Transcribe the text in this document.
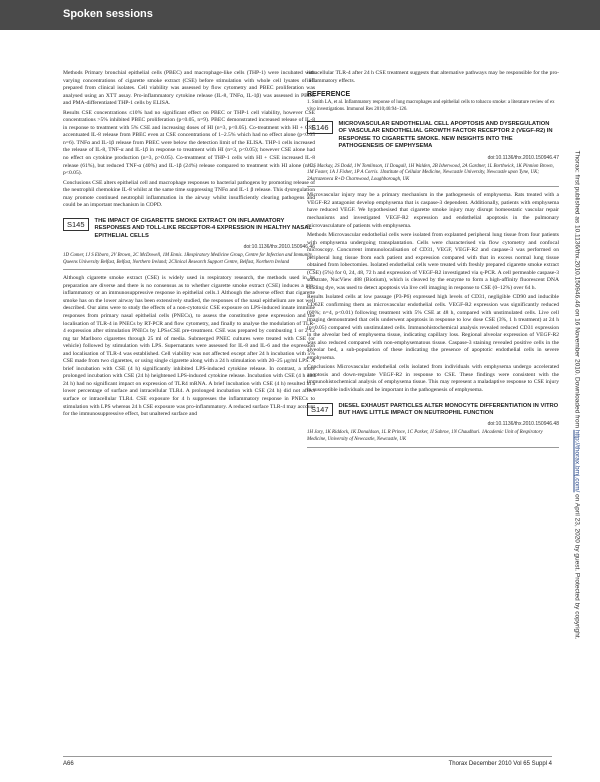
Spoken sessions

Methods Primary bronchial epithelial cells (PBEC) and macrophage-like cells (THP-1) were incubated with varying concentrations of cigarette smoke extract (CSE) before stimulation with whole cell lysates of HI prepared from clinical isolates. Cell viability was assessed by flow cytometry and PBEC proliferation was analysed using an XTT assay. Pro-inflammatory cytokine release (IL-8, TNFα, IL-1β) was assessed in PBEC and PMA-differentiated THP-1 cells by ELISA.

Results CSE concentrations ≤10% had no significant effect on PBEC or THP-1 cell viability, however CSE concentrations >5% inhibited PBEC proliferation (p<0.05, n=9). PBEC demonstrated increased release of IL-8 in response to treatment with 5% CSE and increasing doses of HI (n=3, p<0.05). Co-treatment with HI + CSE accentuated IL-8 release from PBEC even at CSE concentrations of 1–2.5% which had no effect alone (p<0.05 n=6). TNFα and IL-1β release from PBEC were below the detection limit of the ELISA. THP-1 cells increased the release of IL-8, TNF-α and IL-1β in response to treatment with HI (n=3, p<0.05); however CSE alone had no effect on cytokine production (n=3, p>0.05). Co-treatment of THP-1 cells with HI + CSE increased IL-8 release (61%), but reduced TNF-α (40%) and IL-1β (24%) release compared to treatment with HI alone (n=3, p<0.05).

Conclusions CSE alters epithelial cell and macrophage responses to bacterial pathogens by promoting release of the neutrophil chemokine IL-8 whilst at the same time suppressing TNFα and IL-1 β release. This dysregulation may promote continued neutrophil inflammation in the airway whilst insufficiently clearing pathogens and could be an important mechanism in COPD.

S145	THE IMPACT OF CIGARETTE SMOKE EXTRACT ON INFLAMMATORY RESPONSES AND TOLL-LIKE RECEPTOR-4 EXPRESSION IN HEALTHY NASAL EPITHELIAL CELLS
doi:10.1136/thx.2010.150946.46
1D Comer, 1J S Elborn, 2V Brown, 2C McDowell, 1M Ennis. 1Respiratory Medicine Group, Centre for Infection and Immunity, Queens University Belfast, Belfast, Northern Ireland; 2Clinical Research Support Centre, Belfast, Northern Ireland

Although cigarette smoke extract (CSE) is widely used in respiratory research, the methods used in its preparation are diverse and there is no consensus as to whether cigarette smoke extract (CSE) induces a pro-inflammatory or an immunosuppressive response in epithelial cells.1 Although the adverse effect that cigarette smoke has on the lower airway has been extensively studied, the responses of the nasal epithelium are not well described. Our aims were to study the effects of a non-cytotoxic CSE exposure on LPS-induced innate immune responses from primary nasal epithelial cells (PNECs), to assess the constitutive gene expression and the localisation of TLR-4 in PNECs by RT-PCR and flow cytometry, and finally to analyse the modulation of TLR-4 expression after stimulation PNECs by LPS±CSE pre-treatment. CSE was prepared by combusting 1 or 2 12 mg tar Marlboro cigarettes through 25 ml of media. Submerged PNEC cultures were treated with CSE (or vehicle) followed by stimulation with LPS. Supernatants were assessed for IL-8 and IL-6 and the expression and localisation of TLR-4 was established. Cell viability was not affected except after 24 h incubation with 5% CSE made from two cigarettes, or using single cigarette along with a 24 h stimulation with 20–25 μg/ml LPS. A brief incubation with CSE (4 h) significantly inhibited LPS-induced cytokine release. In contrast, a more prolonged incubation with CSE (24 h) heightened LPS-induced cytokine release. Incubation with CSE (4 h and 24 h) had no significant impact on expression of TLR4 mRNA. A brief incubation with CSE (4 h) resulted in a lower percentage of surface and intracellular TLR4. A prolonged incubation with CSE (24 h) did not affect surface or intracellular TLR4. CSE exposure for 4 h suppresses the inflammatory response in PNECs to stimulation with LPS whereas 24 h CSE exposure was pro-inflammatory. A reduced surface TLR-4 may account for the immunosuppressive effect, but unaltered surface and

intracellular TLR-4 after 24 h CSE treatment suggests that alternative pathways may be responsible for the pro-inflammatory effects.

REFERENCE
1. Smith LA, et al. Inflammatory response of lung macrophages and epithelial cells to tobacco smoke: a literature review of ex vivo investigations. Immunol Res 2010;46:94–126.
S146	MICROVASCULAR ENDOTHELIAL CELL APOPTOSIS AND DYSREGULATION OF VASCULAR ENDOTHELIAL GROWTH FACTOR RECEPTOR 2 (VEGF-R2) IN RESPONSE TO CIGARETTE SMOKE. NEW INSIGHTS INTO THE PATHOGENESIS OF EMPHYSEMA
doi:10.1136/thx.2010.150946.47
1L S Mackay, 2S Dodd, 1W Tomlinson, 1I Dougall, 1H Walden, 2B Isherwood, 2A Gardner, 1L Borthwick, 1K Pinnion Brown, 1M Foster, 1A J Fisher, 1P A Corris. 1Institute of Cellular Medicine, Newcastle University, Newcastle upon Tyne, UK; 2Astrazeneca R+D Charnwood, Loughborough, UK

Microvascular injury may be a primary mechanism in the pathogenesis of emphysema. Rats treated with a VEGF-R2 antagonist develop emphysema that is caspase-3 dependent. Additionally, patients with emphysema have reduced VEGF. We hypothesised that cigarette smoke injury may disrupt homeostatic vascular repair mechanisms and investigated VEGF-R2 expression and endothelial apoptosis in the pulmonary microvasculature of patients with emphysema.

Methods Microvascular endothelial cells were isolated from explanted peripheral lung tissue from four patients with emphysema undergoing transplantation. Cells were characterised via flow cytometry and confocal microscopy. Concurrent immunolocalisation of CD31, VEGF, VEGF-R2 and caspase-3 was performed on peripheral lung tissue from each patient and expression compared with that in excess normal lung tissue obtained from lobectomies. Isolated endothelial cells were treated with freshly prepared cigarette smoke extract (CSE) (5%) for 0, 24, 48, 72 h and expression of VEGF-R2 investigated via q-PCR. A cell permeable caspase-3 substrate, NucView 488 (Biotium), which is cleaved by the enzyme to form a high-affinity fluorescent DNA binding dye, was used to detect apoptosis via live cell imaging in response to CSE (0–12%) over 64 h.

Results Isolated cells at low passage (P3-P6) expressed high levels of CD31, negligible CD90 and inducible CD62E confirming them as microvascular endothelial cells. VEGF-R2 expression was significantly reduced (60%; n=4, p<0.01) following treatment with 5% CSE at 48 h, compared with unstimulated cells. Live cell imaging demonstrated that cells underwent apoptosis in response to low dose CSE (3%, 1 h treatment) at 24 h (p=0.05) compared with unstimulated cells. Immunohistochemical analysis revealed reduced CD31 expression in the alveolar bed of emphysema tissue, indicating capillary loss. Regional alveolar expression of VEGF-R2 was also reduced compared with non-emphysematous tissue. Caspase-3 staining revealed positive cells in the alveolar bed, a sub-population of these indicating the presence of apoptotic endothelial cells in severe emphysema.

Conclusions Microvascular endothelial cells isolated from individuals with emphysema undergo accelerated apoptosis and down-regulate VEGF-R2 in response to CSE. These findings were consistent with the immunohistochemical analysis of emphysema tissue. This may represent a maladaptive response to CSE injury in susceptible individuals and be important in the pathogenesis of emphysema.

S147	DIESEL EXHAUST PARTICLES ALTER MONOCYTE DIFFERENTIATION IN VITRO BUT HAVE LITTLE IMPACT ON NEUTROPHIL FUNCTION
doi:10.1136/thx.2010.150946.48
1H Jary, 1K Riddock, 1K Donaldson, 1L R Prince, 1C Parker, 1I Sabroe, 1N Chaudhuri. 1Academic Unit of Respiratory Medicine, University of Newcastle, Newcastle, UK
Thorax: first published as 10.1136/thx.2010.150946.46 on 16 November 2010. Downloaded from http://thorax.bmj.com/ on April 23, 2020 by guest. Protected by copyright.
A66	Thorax December 2010 Vol 65 Suppl 4
